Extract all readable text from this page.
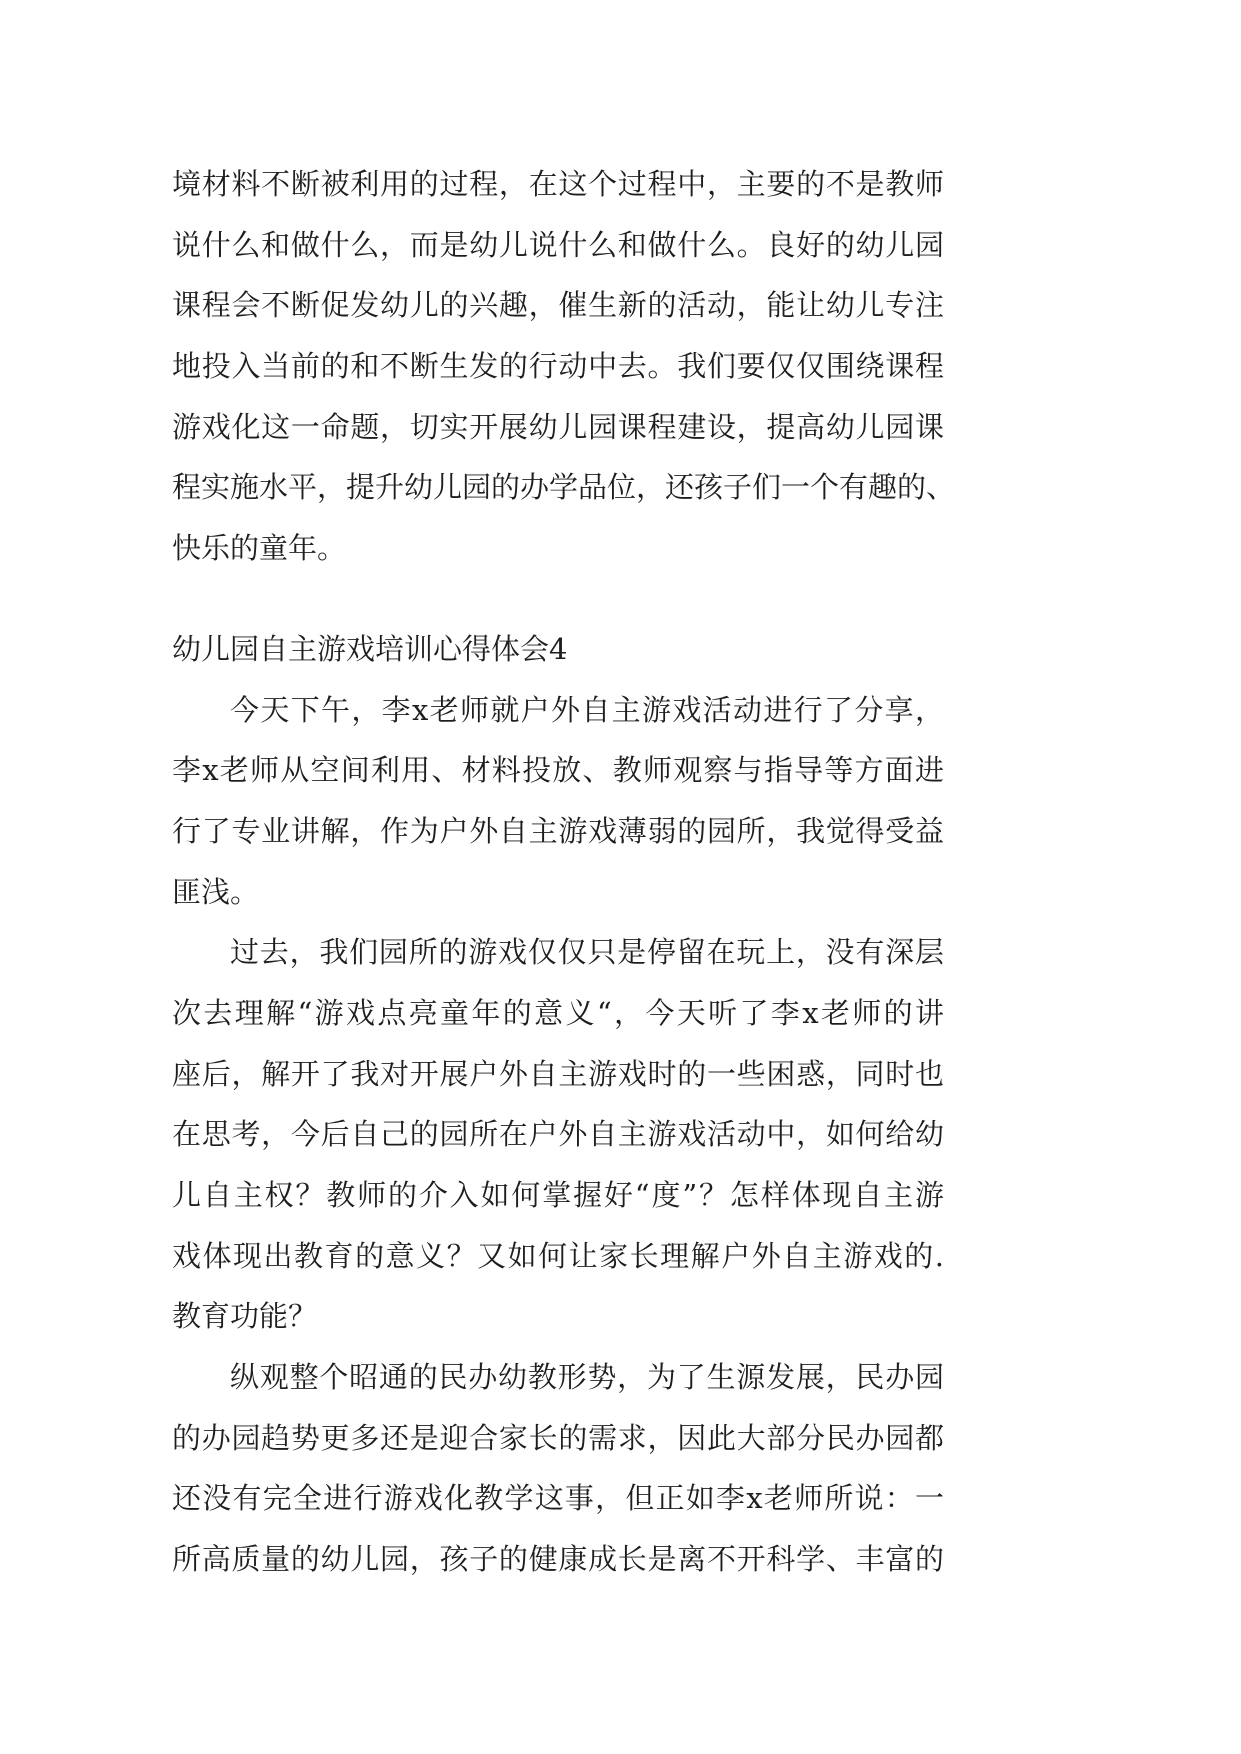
境材料不断被利用的过程，在这个过程中，主要的不是教师
说什么和做什么，而是幼儿说什么和做什么。良好的幼儿园
课程会不断促发幼儿的兴趣，催生新的活动，能让幼儿专注
地投入当前的和不断生发的行动中去。我们要仅仅围绕课程
游戏化这一命题，切实开展幼儿园课程建设，提高幼儿园课
程实施水平，提升幼儿园的办学品位，还孩子们一个有趣的、
快乐的童年。
幼儿园自主游戏培训心得体会4
今天下午，李x老师就户外自主游戏活动进行了分享，
李x老师从空间利用、材料投放、教师观察与指导等方面进
行了专业讲解，作为户外自主游戏薄弱的园所，我觉得受益
匪浅。
过去，我们园所的游戏仅仅只是停留在玩上，没有深层
次去理解“游戏点亮童年的意义“，今天听了李x老师的讲
座后，解开了我对开展户外自主游戏时的一些困惑，同时也
在思考，今后自己的园所在户外自主游戏活动中，如何给幼
儿自主权？教师的介入如何掌握好“度”？怎样体现自主游
戏体现出教育的意义？又如何让家长理解户外自主游戏的.
教育功能？
纵观整个昭通的民办幼教形势，为了生源发展，民办园
的办园趋势更多还是迎合家长的需求，因此大部分民办园都
还没有完全进行游戏化教学这事，但正如李x老师所说：一
所高质量的幼儿园，孩子的健康成长是离不开科学、丰富的
